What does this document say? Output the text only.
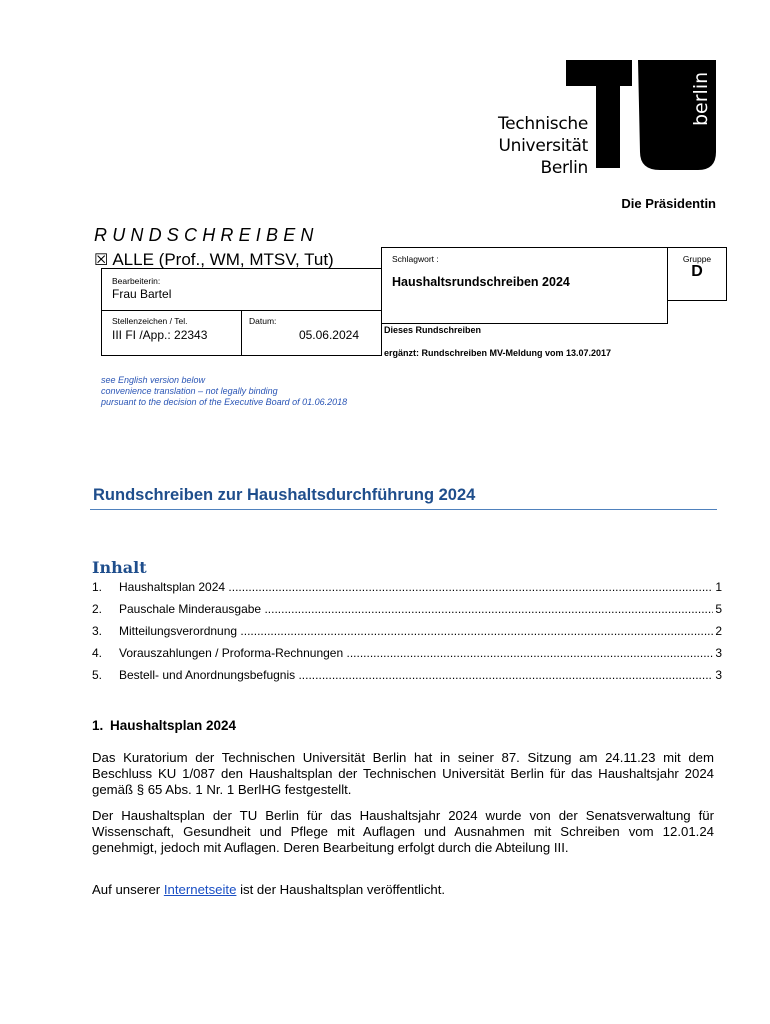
Technische
Universität
Berlin
berlin
Die Präsidentin
RUNDSCHREIBEN
☒ ALLE (Prof., WM, MTSV, Tut)
Bearbeiterin:
Frau Bartel
Stellenzeichen / Tel.
III FI /App.: 22343
Datum:
05.06.2024
Schlagwort :
Haushaltsrundschreiben 2024
Gruppe
D
Dieses Rundschreiben
ergänzt: Rundschreiben MV-Meldung vom 13.07.2017
see English version below
convenience translation – not legally binding
pursuant to the decision of the Executive Board of 01.06.2018
Rundschreiben zur Haushaltsdurchführung 2024
Inhalt
1. Haushaltsplan 2024 .....	1
2. Pauschale Minderausgabe .....	5
3. Mitteilungsverordnung .....	2
4. Vorauszahlungen / Proforma-Rechnungen .....	3
5. Bestell- und Anordnungsbefugnis .....	3
1. Haushaltsplan 2024
Das Kuratorium der Technischen Universität Berlin hat in seiner 87. Sitzung am 24.11.23 mit dem Beschluss KU 1/087 den Haushaltsplan der Technischen Universität Berlin für das Haushaltsjahr 2024 gemäß § 65 Abs. 1 Nr. 1 BerlHG festgestellt.
Der Haushaltsplan der TU Berlin für das Haushaltsjahr 2024 wurde von der Senatsverwaltung für Wissenschaft, Gesundheit und Pflege mit Auflagen und Ausnahmen mit Schreiben vom 12.01.24 genehmigt, jedoch mit Auflagen. Deren Bearbeitung erfolgt durch die Abteilung III.
Auf unserer Internetseite ist der Haushaltsplan veröffentlicht.
